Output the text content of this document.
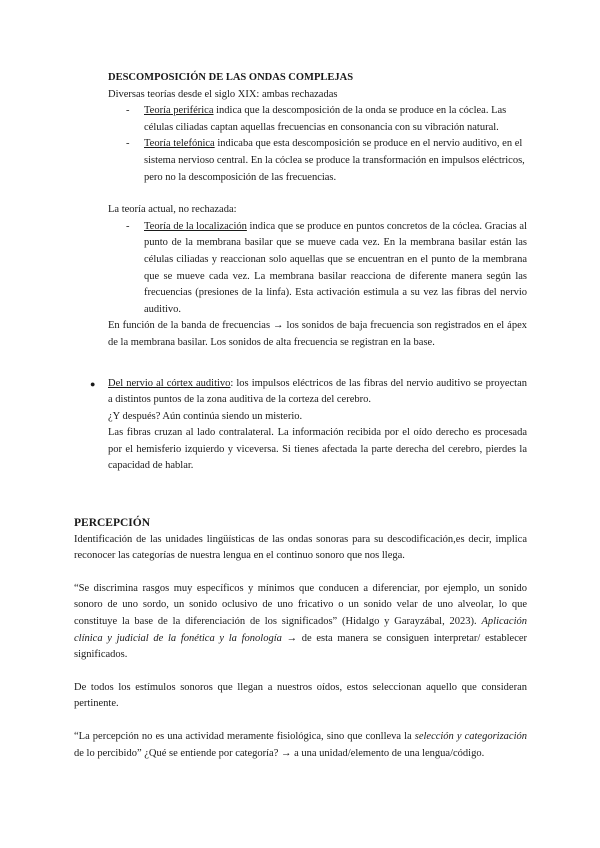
DESCOMPOSICIÓN DE LAS ONDAS COMPLEJAS

Diversas teorías desde el siglo XIX: ambas rechazadas

- Teoría periférica indica que la descomposición de la onda se produce en la cóclea. Las células ciliadas captan aquellas frecuencias en consonancia con su vibración natural.
- Teoría telefónica indicaba que esta descomposición se produce en el nervio auditivo, en el sistema nervioso central. En la cóclea se produce la transformación en impulsos eléctricos, pero no la descomposición de las frecuencias.

La teoría actual, no rechazada:

- Teoría de la localización indica que se produce en puntos concretos de la cóclea. Gracias al punto de la membrana basilar que se mueve cada vez. En la membrana basilar están las células ciliadas y reaccionan solo aquellas que se encuentran en el punto de la membrana que se mueve cada vez. La membrana basilar reacciona de diferente manera según las frecuencias (presiones de la linfa). Esta activación estimula a su vez las fibras del nervio auditivo.

En función de la banda de frecuencias → los sonidos de baja frecuencia son registrados en el ápex de la membrana basilar. Los sonidos de alta frecuencia se registran en la base.

● Del nervio al córtex auditivo: los impulsos eléctricos de las fibras del nervio auditivo se proyectan a distintos puntos de la zona auditiva de la corteza del cerebro.

¿Y después? Aún continúa siendo un misterio.

Las fibras cruzan al lado contralateral. La información recibida por el oído derecho es procesada por el hemisferio izquierdo y viceversa. Si tienes afectada la parte derecha del cerebro, pierdes la capacidad de hablar.

PERCEPCIÓN

Identificación de las unidades lingüísticas de las ondas sonoras para su descodificación,es decir, implica reconocer las categorías de nuestra lengua en el continuo sonoro que nos llega.

“Se discrimina rasgos muy específicos y mínimos que conducen a diferenciar, por ejemplo, un sonido sonoro de uno sordo, un sonido oclusivo de uno fricativo o un sonido velar de uno alveolar, lo que constituye la base de la diferenciación de los significados” (Hidalgo y Garayzábal, 2023). Aplicación clínica y judicial de la fonética y la fonología → de esta manera se consiguen interpretar/ establecer significados.

De todos los estímulos sonoros que llegan a nuestros oídos, estos seleccionan aquello que consideran pertinente.

“La percepción no es una actividad meramente fisiológica, sino que conlleva la selección y categorización de lo percibido” ¿Qué se entiende por categoría? → a una unidad/elemento de una lengua/código.
